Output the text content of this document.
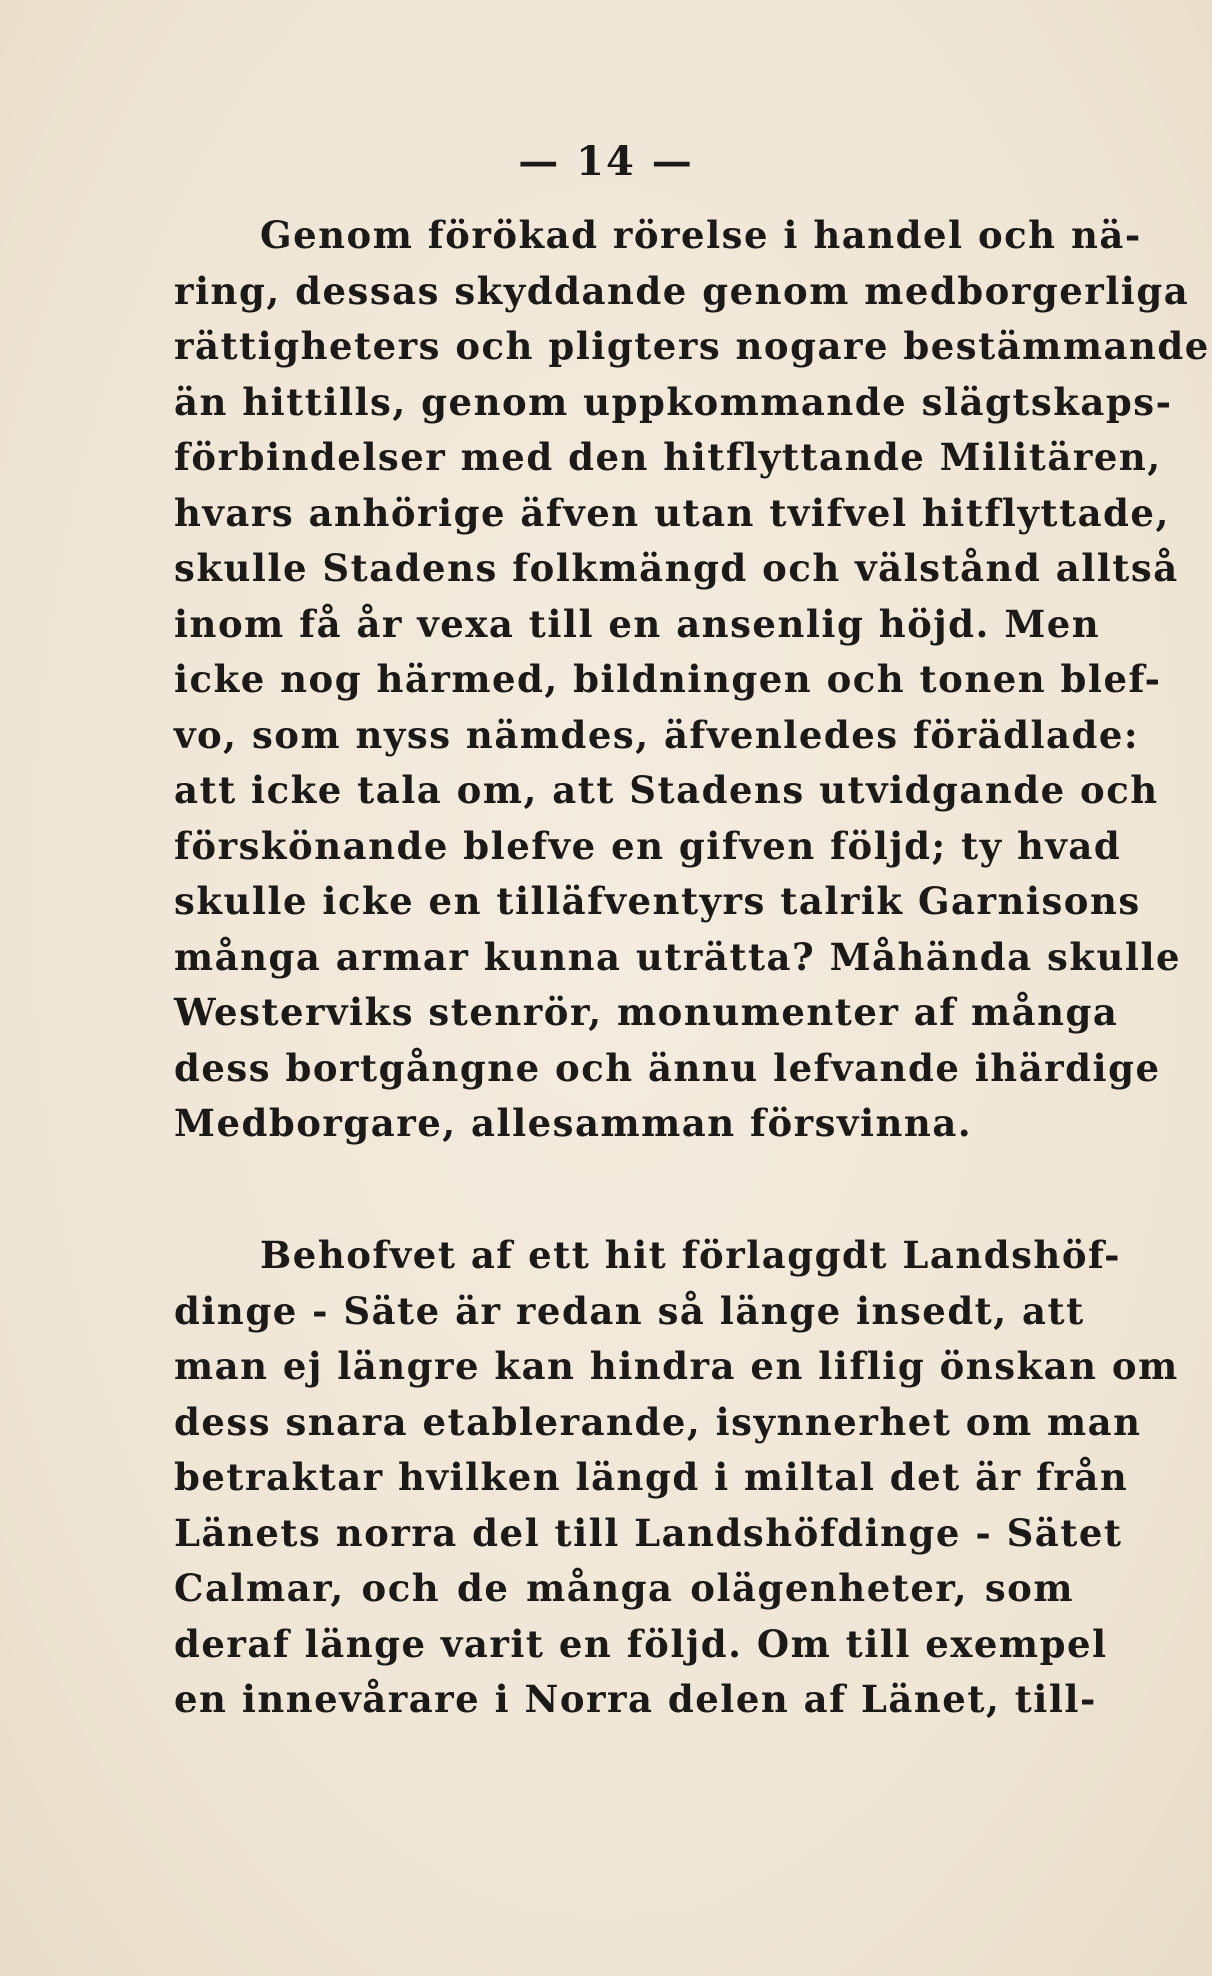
— 14 —
Genom förökad rörelse i handel och nä-
ring, dessas skyddande genom medborgerliga
rättigheters och pligters nogare bestämmande
än hittills, genom uppkommande slägtskaps-
förbindelser med den hitflyttande Militären,
hvars anhörige äfven utan tvifvel hitflyttade,
skulle Stadens folkmängd och välstånd alltså
inom få år vexa till en ansenlig höjd. Men
icke nog härmed, bildningen och tonen blef-
vo, som nyss nämdes, äfvenledes förädlade:
att icke tala om, att Stadens utvidgande och
förskönande blefve en gifven följd; ty hvad
skulle icke en tilläfventyrs talrik Garnisons
många armar kunna uträtta? Måhända skulle
Westerviks stenrör, monumenter af många
dess bortgångne och ännu lefvande ihärdige
Medborgare, allesamman försvinna.
Behofvet af ett hit förlaggdt Landshöf-
dinge - Säte är redan så länge insedt, att
man ej längre kan hindra en liflig önskan om
dess snara etablerande, isynnerhet om man
betraktar hvilken längd i miltal det är från
Länets norra del till Landshöfdinge - Sätet
Calmar, och de många olägenheter, som
deraf länge varit en följd. Om till exempel
en innevårare i Norra delen af Länet, till-
